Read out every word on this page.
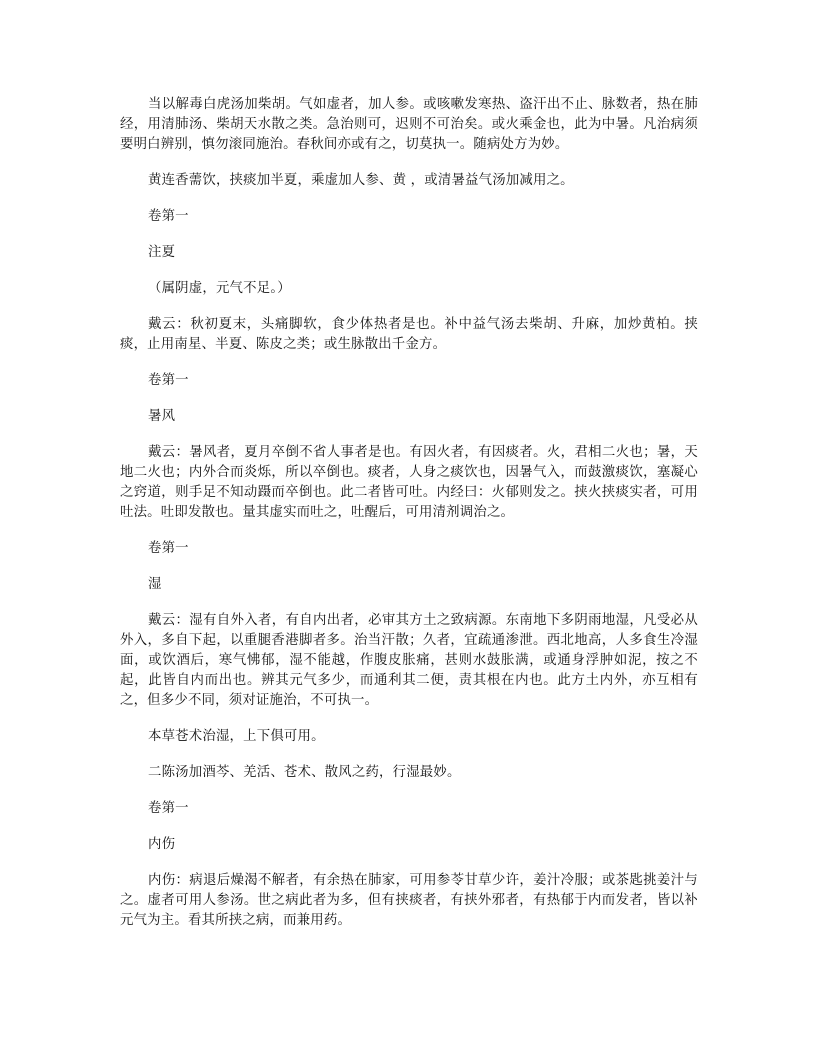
当以解毒白虎汤加柴胡。气如虚者，加人参。或咳嗽发寒热、盗汗出不止、脉数者，热在肺经，用清肺汤、柴胡天水散之类。急治则可，迟则不可治矣。或火乘金也，此为中暑。凡治病须要明白辨别，慎勿滚同施治。春秋间亦或有之，切莫执一。随病处方为妙。

黄连香薷饮，挟痰加半夏，乘虚加人参、黄 ，或清暑益气汤加减用之。

卷第一

注夏

（属阴虚，元气不足。）

戴云：秋初夏末，头痛脚软，食少体热者是也。补中益气汤去柴胡、升麻，加炒黄柏。挟痰，止用南星、半夏、陈皮之类；或生脉散出千金方。

卷第一

暑风

戴云：暑风者，夏月卒倒不省人事者是也。有因火者，有因痰者。火，君相二火也；暑，天地二火也；内外合而炎烁，所以卒倒也。痰者，人身之痰饮也，因暑气入，而鼓激痰饮，塞凝心之窍道，则手足不知动蹑而卒倒也。此二者皆可吐。内经曰：火郁则发之。挟火挟痰实者，可用吐法。吐即发散也。量其虚实而吐之，吐醒后，可用清剂调治之。

卷第一

湿

戴云：湿有自外入者，有自内出者，必审其方土之致病源。东南地下多阴雨地湿，凡受必从外入，多自下起，以重腿香港脚者多。治当汗散；久者，宜疏通渗泄。西北地高，人多食生冷湿面，或饮酒后，寒气怫郁，湿不能越，作腹皮胀痛，甚则水鼓胀满，或通身浮肿如泥，按之不起，此皆自内而出也。辨其元气多少，而通利其二便，责其根在内也。此方土内外，亦互相有之，但多少不同，须对证施治，不可执一。

本草苍术治湿，上下俱可用。

二陈汤加酒芩、羌活、苍术、散风之药，行湿最妙。

卷第一

内伤

内伤：病退后燥渴不解者，有余热在肺家，可用参苓甘草少许，姜汁冷服；或茶匙挑姜汁与之。虚者可用人参汤。世之病此者为多，但有挟痰者，有挟外邪者，有热郁于内而发者，皆以补元气为主。看其所挟之病，而兼用药。
